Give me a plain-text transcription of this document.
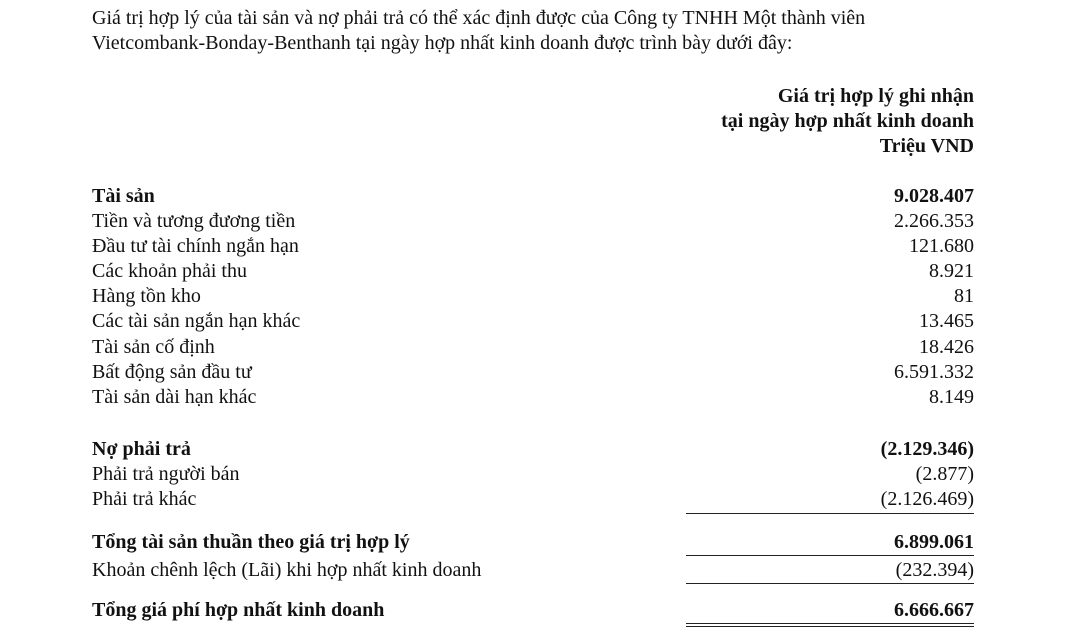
Giá trị hợp lý của tài sản và nợ phải trả có thể xác định được của Công ty TNHH Một thành viên

Vietcombank-Bonday-Benthanh tại ngày hợp nhất kinh doanh được trình bày dưới đây:

Giá trị hợp lý ghi nhận
tại ngày hợp nhất kinh doanh
Triệu VND
Tài sản	9.028.407
Tiền và tương đương tiền	2.266.353
Đầu tư tài chính ngắn hạn	121.680
Các khoản phải thu	8.921
Hàng tồn kho	81
Các tài sản ngắn hạn khác	13.465
Tài sản cố định	18.426
Bất động sản đầu tư	6.591.332
Tài sản dài hạn khác	8.149
Nợ phải trả	(2.129.346)
Phải trả người bán	(2.877)
Phải trả khác	(2.126.469)
Tổng tài sản thuần theo giá trị hợp lý	6.899.061
Khoản chênh lệch (Lãi) khi hợp nhất kinh doanh	(232.394)
Tổng giá phí hợp nhất kinh doanh	6.666.667
